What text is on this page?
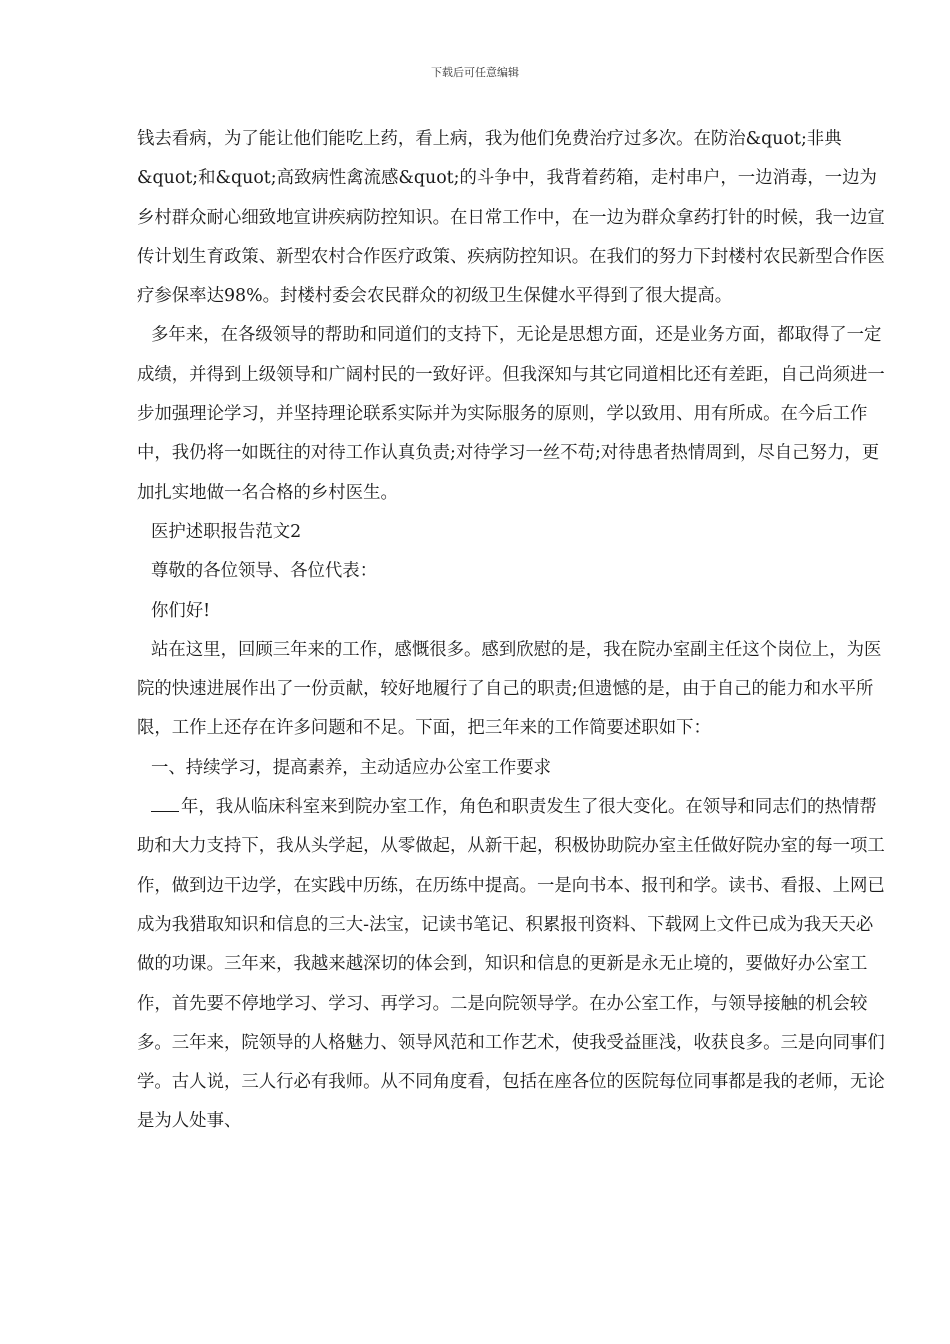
下载后可任意编辑

钱去看病，为了能让他们能吃上药，看上病，我为他们免费治疗过多次。在防治&quot;非典&quot;和&quot;高致病性禽流感&quot;的斗争中，我背着药箱，走村串户，一边消毒，一边为乡村群众耐心细致地宣讲疾病防控知识。在日常工作中，在一边为群众拿药打针的时候，我一边宣传计划生育政策、新型农村合作医疗政策、疾病防控知识。在我们的努力下封楼村农民新型合作医疗参保率达98%。封楼村委会农民群众的初级卫生保健水平得到了很大提高。

多年来，在各级领导的帮助和同道们的支持下，无论是思想方面，还是业务方面，都取得了一定成绩，并得到上级领导和广阔村民的一致好评。但我深知与其它同道相比还有差距，自己尚须进一步加强理论学习，并坚持理论联系实际并为实际服务的原则，学以致用、用有所成。在今后工作中，我仍将一如既往的对待工作认真负责;对待学习一丝不苟;对待患者热情周到，尽自己努力，更加扎实地做一名合格的乡村医生。

医护述职报告范文2

尊敬的各位领导、各位代表：

你们好!

站在这里，回顾三年来的工作，感慨很多。感到欣慰的是，我在院办室副主任这个岗位上，为医院的快速进展作出了一份贡献，较好地履行了自己的职责;但遗憾的是，由于自己的能力和水平所限，工作上还存在许多问题和不足。下面，把三年来的工作简要述职如下：

一、持续学习，提高素养，主动适应办公室工作要求

年，我从临床科室来到院办室工作，角色和职责发生了很大变化。在领导和同志们的热情帮助和大力支持下，我从头学起，从零做起，从新干起，积极协助院办室主任做好院办室的每一项工作，做到边干边学，在实践中历练，在历练中提高。一是向书本、报刊和学。读书、看报、上网已成为我猎取知识和信息的三大-法宝，记读书笔记、积累报刊资料、下载网上文件已成为我天天必做的功课。三年来，我越来越深切的体会到，知识和信息的更新是永无止境的，要做好办公室工作，首先要不停地学习、学习、再学习。二是向院领导学。在办公室工作，与领导接触的机会较多。三年来，院领导的人格魅力、领导风范和工作艺术，使我受益匪浅，收获良多。三是向同事们学。古人说，三人行必有我师。从不同角度看，包括在座各位的医院每位同事都是我的老师，无论是为人处事、
